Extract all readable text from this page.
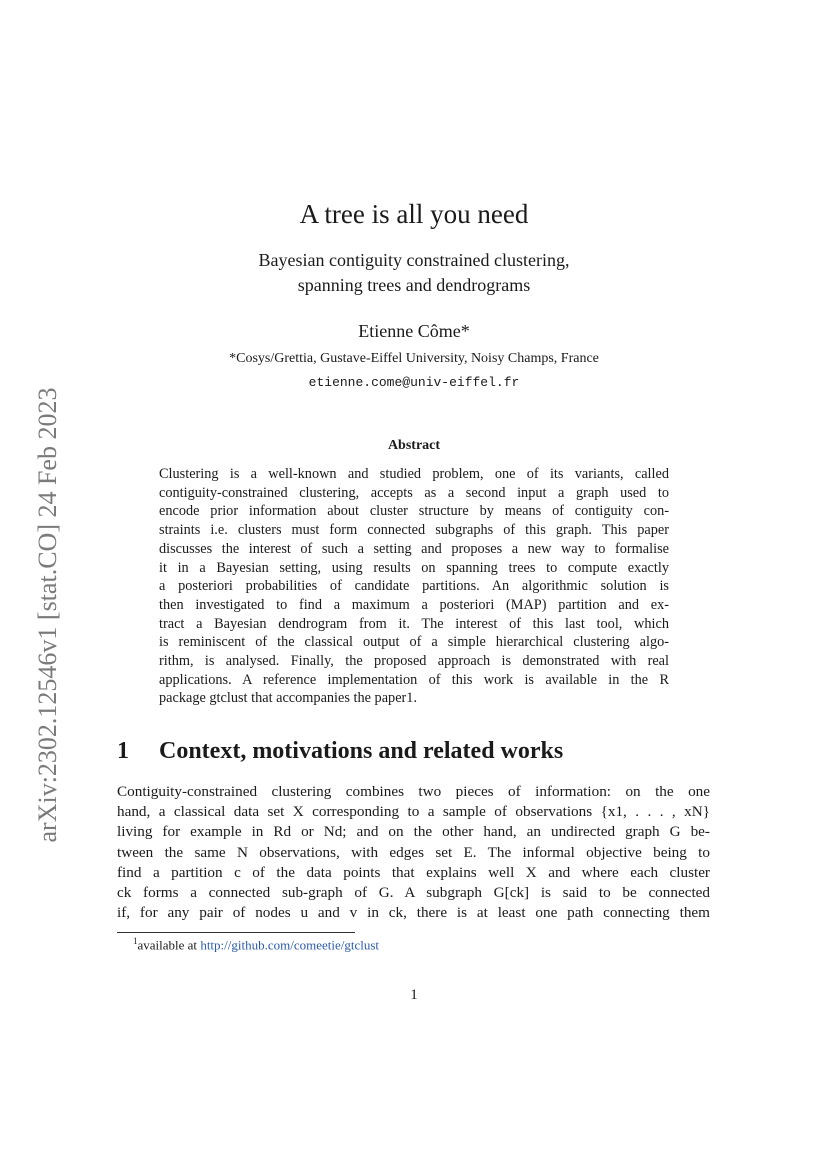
arXiv:2302.12546v1 [stat.CO] 24 Feb 2023
A tree is all you need
Bayesian contiguity constrained clustering,
spanning trees and dendrograms
Etienne Côme*
*Cosys/Grettia, Gustave-Eiffel University, Noisy Champs, France
etienne.come@univ-eiffel.fr
Abstract
Clustering is a well-known and studied problem, one of its variants, called
contiguity-constrained clustering, accepts as a second input a graph used to
encode prior information about cluster structure by means of contiguity con-
straints i.e. clusters must form connected subgraphs of this graph. This paper
discusses the interest of such a setting and proposes a new way to formalise
it in a Bayesian setting, using results on spanning trees to compute exactly
a posteriori probabilities of candidate partitions. An algorithmic solution is
then investigated to find a maximum a posteriori (MAP) partition and ex-
tract a Bayesian dendrogram from it. The interest of this last tool, which
is reminiscent of the classical output of a simple hierarchical clustering algo-
rithm, is analysed. Finally, the proposed approach is demonstrated with real
applications. A reference implementation of this work is available in the R
package gtclust that accompanies the paper1.
1 Context, motivations and related works
Contiguity-constrained clustering combines two pieces of information: on the one
hand, a classical data set X corresponding to a sample of observations {x1, . . . , xN}
living for example in Rd or Nd; and on the other hand, an undirected graph G be-
tween the same N observations, with edges set E. The informal objective being to
find a partition c of the data points that explains well X and where each cluster
ck forms a connected sub-graph of G. A subgraph G[ck] is said to be connected
if, for any pair of nodes u and v in ck, there is at least one path connecting them
$^1$available at http://github.com/comeetie/gtclust
1
